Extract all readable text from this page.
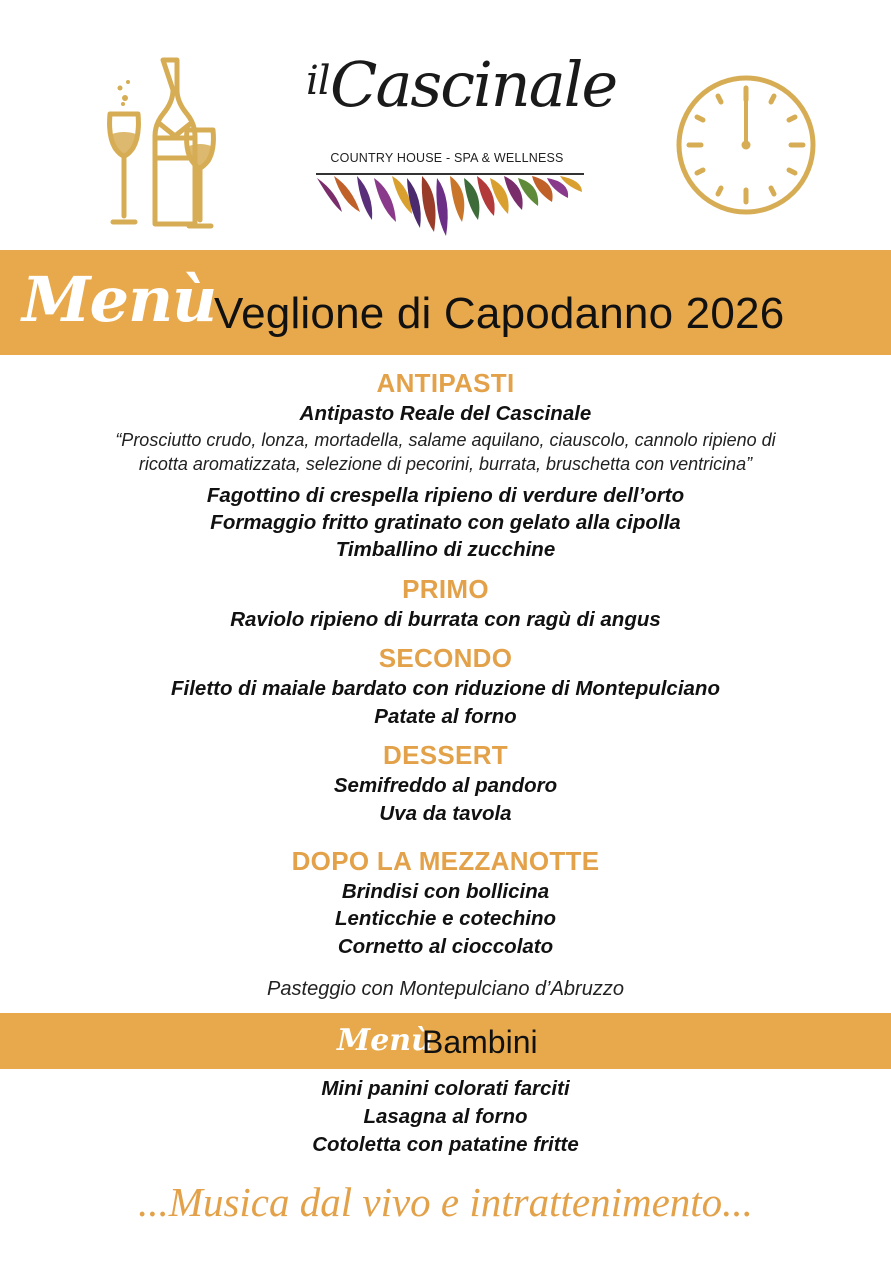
il Cascinale
COUNTRY HOUSE - SPA & WELLNESS
Menù
Veglione di Capodanno 2026
ANTIPASTI
Antipasto Reale del Cascinale
“Prosciutto crudo, lonza, mortadella, salame aquilano, ciauscolo, cannolo ripieno di
ricotta aromatizzata, selezione di pecorini, burrata, bruschetta con ventricina”
Fagottino di crespella ripieno di verdure dell’orto
Formaggio fritto gratinato con gelato alla cipolla
Timballino di zucchine
PRIMO
Raviolo ripieno di burrata con ragù di angus
SECONDO
Filetto di maiale bardato con riduzione di Montepulciano
Patate al forno
DESSERT
Semifreddo al pandoro
Uva da tavola
DOPO LA MEZZANOTTE
Brindisi con bollicina
Lenticchie e cotechino
Cornetto al cioccolato
Pasteggio con Montepulciano d’Abruzzo
Menù
Bambini
Mini panini colorati farciti
Lasagna al forno
Cotoletta con patatine fritte
...Musica dal vivo e intrattenimento...
